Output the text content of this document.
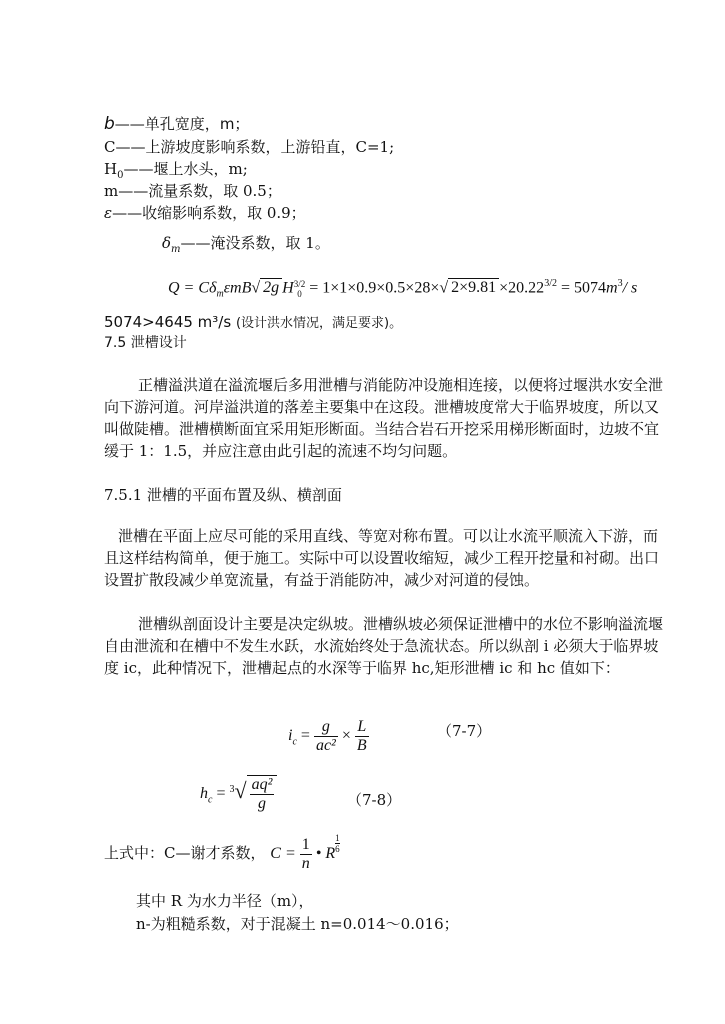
b——单孔宽度，m；
C——上游坡度影响系数，上游铅直，C=1;
$H_0——$堰上水头，m;
m——流量系数，取 0.5；
ε——收缩影响系数，取 0.9；
$\delta_m——$淹没系数，取 1。
$Q = C\delta_m\varepsilon mB√$ 2g H 3/2
0 = 1×1×0.9×0.5×28×√ $2\times 9.81 \times 20.22^{3/2} = 5074m^3/$ s
5074>4645 m³/s (设计洪水情况，满足要求)。
7.5 泄槽设计
正槽溢洪道在溢流堰后多用泄槽与消能防冲设施相连接，以便将过堰洪水安全泄向下游河道。河岸溢洪道的落差主要集中在这段。泄槽坡度常大于临界坡度，所以又叫做陡槽。泄槽横断面宜采用矩形断面。当结合岩石开挖采用梯形断面时，边坡不宜缓于 1：1.5，并应注意由此引起的流速不均匀问题。
7.5.1 泄槽的平面布置及纵、横剖面
泄槽在平面上应尽可能的采用直线、等宽对称布置。可以让水流平顺流入下游，而且这样结构简单，便于施工。实际中可以设置收缩短，减少工程开挖量和衬砌。出口设置扩散段减少单宽流量，有益于消能防冲，减少对河道的侵蚀。
泄槽纵剖面设计主要是决定纵坡。泄槽纵坡必须保证泄槽中的水位不影响溢流堰自由泄流和在槽中不发生水跃，水流始终处于急流状态。所以纵剖 i 必须大于临界坡度 ic，此种情况下，泄槽起点的水深等于临界 hc,矩形泄槽 ic 和 hc 值如下：
$i_c = \frac{g}{\text{ac²}} \times \frac{L}{B}$	（7-7）
$h_c = ^3√ \frac{\text{aq²}}{g}$	（7-8）
上式中：C—谢才系数， $C = \frac{1}{n}$ • R $\frac{1}{6}$
其中 R 为水力半径（m），
n-为粗糙系数，对于混凝土 n=0.014～0.016；
